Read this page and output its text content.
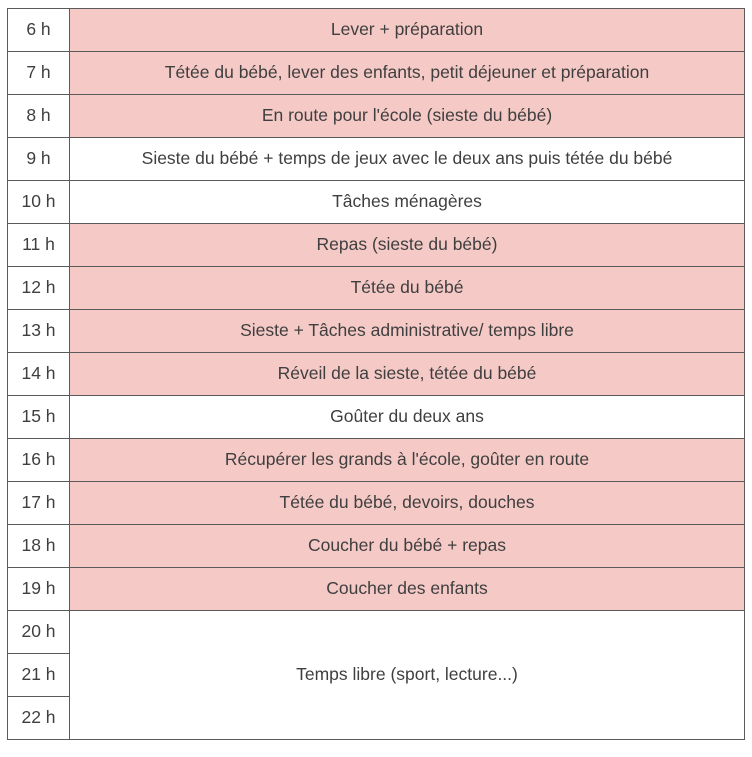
6 h	Lever + préparation
7 h	Tétée du bébé, lever des enfants, petit déjeuner et préparation
8 h	En route pour l'école (sieste du bébé)
9 h	Sieste du bébé + temps de jeux avec le deux ans puis tétée du bébé
10 h	Tâches ménagères
11 h	Repas (sieste du bébé)
12 h	Tétée du bébé
13 h	Sieste + Tâches administrative/ temps libre
14 h	Réveil de la sieste, tétée du bébé
15 h	Goûter du deux ans
16 h	Récupérer les grands à l'école, goûter en route
17 h	Tétée du bébé, devoirs, douches
18 h	Coucher du bébé + repas
19 h	Coucher des enfants
20 h	Temps libre (sport, lecture...)
21 h	
22 h	
